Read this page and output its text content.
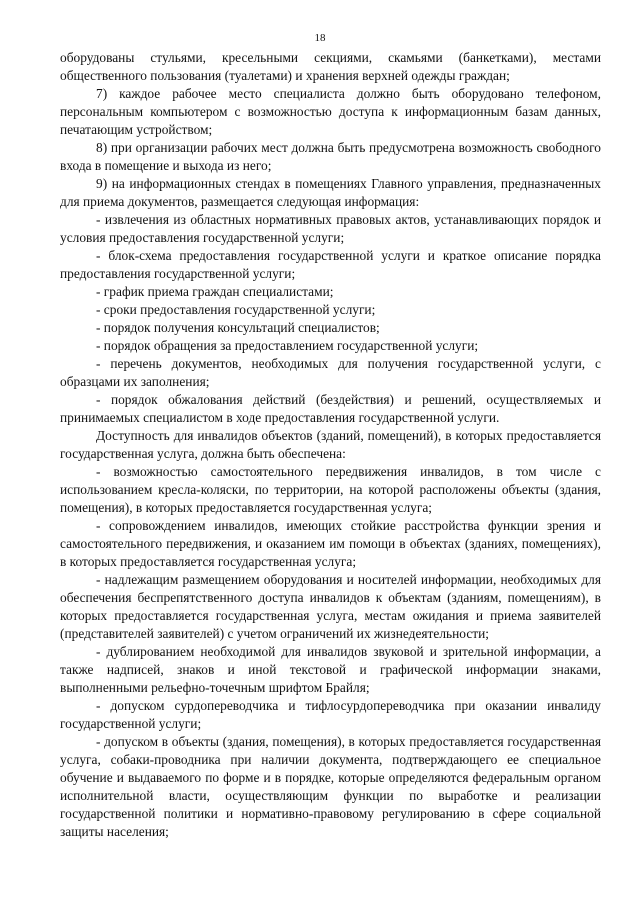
18

оборудованы стульями, кресельными секциями, скамьями (банкетками), местами общественного пользования (туалетами) и хранения верхней одежды граждан;

7) каждое рабочее место специалиста должно быть оборудовано телефоном, персональным компьютером с возможностью доступа к информационным базам данных, печатающим устройством;

8) при организации рабочих мест должна быть предусмотрена возможность свободного входа в помещение и выхода из него;

9) на информационных стендах в помещениях Главного управления, предназначенных для приема документов, размещается следующая информация:

- извлечения из областных нормативных правовых актов, устанавливающих порядок и условия предоставления государственной услуги;

- блок-схема предоставления государственной услуги и краткое описание порядка предоставления государственной услуги;

- график приема граждан специалистами;

- сроки предоставления государственной услуги;

- порядок получения консультаций специалистов;

- порядок обращения за предоставлением государственной услуги;

- перечень документов, необходимых для получения государственной услуги, с образцами их заполнения;

- порядок обжалования действий (бездействия) и решений, осуществляемых и принимаемых специалистом в ходе предоставления государственной услуги.

Доступность для инвалидов объектов (зданий, помещений), в которых предоставляется государственная услуга, должна быть обеспечена:

- возможностью самостоятельного передвижения инвалидов, в том числе с использованием кресла-коляски, по территории, на которой расположены объекты (здания, помещения), в которых предоставляется государственная услуга;

- сопровождением инвалидов, имеющих стойкие расстройства функции зрения и самостоятельного передвижения, и оказанием им помощи в объектах (зданиях, помещениях), в которых предоставляется государственная услуга;

- надлежащим размещением оборудования и носителей информации, необходимых для обеспечения беспрепятственного доступа инвалидов к объектам (зданиям, помещениям), в которых предоставляется государственная услуга, местам ожидания и приема заявителей (представителей заявителей) с учетом ограничений их жизнедеятельности;

- дублированием необходимой для инвалидов звуковой и зрительной информации, а также надписей, знаков и иной текстовой и графической информации знаками, выполненными рельефно-точечным шрифтом Брайля;

- допуском сурдопереводчика и тифлосурдопереводчика при оказании инвалиду государственной услуги;

- допуском в объекты (здания, помещения), в которых предоставляется государственная услуга, собаки-проводника при наличии документа, подтверждающего ее специальное обучение и выдаваемого по форме и в порядке, которые определяются федеральным органом исполнительной власти, осуществляющим функции по выработке и реализации государственной политики и нормативно-правовому регулированию в сфере социальной защиты населения;
